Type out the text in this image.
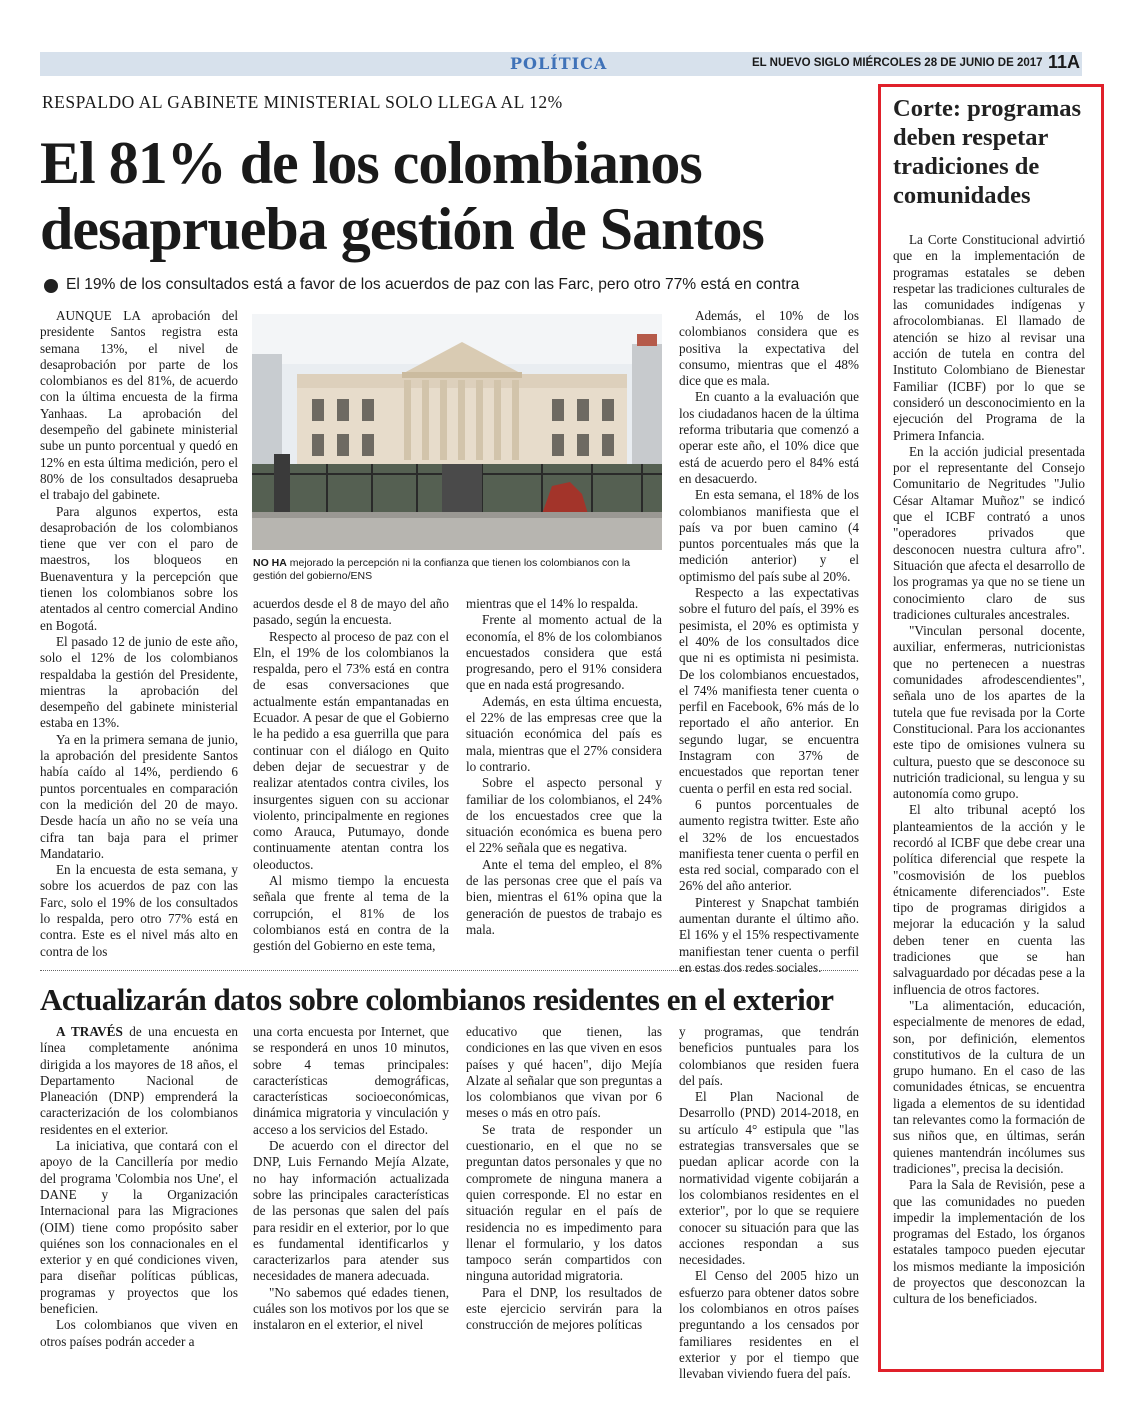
POLÍTICA	EL NUEVO SIGLO MIÉRCOLES 28 DE JUNIO DE 2017 11A
RESPALDO AL GABINETE MINISTERIAL SOLO LLEGA AL 12%
El 81% de los colombianos
desaprueba gestión de Santos
El 19% de los consultados está a favor de los acuerdos de paz con las Farc, pero otro 77% está en contra

AUNQUE LA aprobación del presidente Santos registra esta semana 13%, el nivel de desaprobación por parte de los colombianos es del 81%, de acuerdo con la última encuesta de la firma Yanhaas. La aprobación del desempeño del gabinete ministerial sube un punto porcentual y quedó en 12% en esta última medición, pero el 80% de los consultados desaprueba el trabajo del gabinete.

Para algunos expertos, esta desaprobación de los colombianos tiene que ver con el paro de maestros, los bloqueos en Buenaventura y la percepción que tienen los colombianos sobre los atentados al centro comercial Andino en Bogotá.

El pasado 12 de junio de este año, solo el 12% de los colombianos respaldaba la gestión del Presidente, mientras la aprobación del desempeño del gabinete ministerial estaba en 13%.

Ya en la primera semana de junio, la aprobación del presidente Santos había caído al 14%, perdiendo 6 puntos porcentuales en comparación con la medición del 20 de mayo. Desde hacía un año no se veía una cifra tan baja para el primer Mandatario.

En la encuesta de esta semana, y sobre los acuerdos de paz con las Farc, solo el 19% de los consultados lo respalda, pero otro 77% está en contra. Este es el nivel más alto en contra de los

NO HA mejorado la percepción ni la confianza que tienen los colombianos con la gestión del gobierno/ENS

acuerdos desde el 8 de mayo del año pasado, según la encuesta.

Respecto al proceso de paz con el Eln, el 19% de los colombianos la respalda, pero el 73% está en contra de esas conversaciones que actualmente están empantanadas en Ecuador. A pesar de que el Gobierno le ha pedido a esa guerrilla que para continuar con el diálogo en Quito deben dejar de secuestrar y de realizar atentados contra civiles, los insurgentes siguen con su accionar violento, principalmente en regiones como Arauca, Putumayo, donde continuamente atentan contra los oleoductos.

Al mismo tiempo la encuesta señala que frente al tema de la corrupción, el 81% de los colombianos está en contra de la gestión del Gobierno en este tema,

mientras que el 14% lo respalda.

Frente al momento actual de la economía, el 8% de los colombianos encuestados considera que está progresando, pero el 91% considera que en nada está progresando.

Además, en esta última encuesta, el 22% de las empresas cree que la situación económica del país es mala, mientras que el 27% considera lo contrario.

Sobre el aspecto personal y familiar de los colombianos, el 24% de los encuestados cree que la situación económica es buena pero el 22% señala que es negativa.

Ante el tema del empleo, el 8% de las personas cree que el país va bien, mientras el 61% opina que la generación de puestos de trabajo es mala.

Además, el 10% de los colombianos considera que es positiva la expectativa del consumo, mientras que el 48% dice que es mala.

En cuanto a la evaluación que los ciudadanos hacen de la última reforma tributaria que comenzó a operar este año, el 10% dice que está de acuerdo pero el 84% está en desacuerdo.

En esta semana, el 18% de los colombianos manifiesta que el país va por buen camino (4 puntos porcentuales más que la medición anterior) y el optimismo del país sube al 20%.

Respecto a las expectativas sobre el futuro del país, el 39% es pesimista, el 20% es optimista y el 40% de los consultados dice que ni es optimista ni pesimista. De los colombianos encuestados, el 74% manifiesta tener cuenta o perfil en Facebook, 6% más de lo reportado el año anterior. En segundo lugar, se encuentra Instagram con 37% de encuestados que reportan tener cuenta o perfil en esta red social.

6 puntos porcentuales de aumento registra twitter. Este año el 32% de los encuestados manifiesta tener cuenta o perfil en esta red social, comparado con el 26% del año anterior.

Pinterest y Snapchat también aumentan durante el último año. El 16% y el 15% respectivamente manifiestan tener cuenta o perfil en estas dos redes sociales.

Actualizarán datos sobre colombianos residentes en el exterior

A TRAVÉS de una encuesta en línea completamente anónima dirigida a los mayores de 18 años, el Departamento Nacional de Planeación (DNP) emprenderá la caracterización de los colombianos residentes en el exterior.

La iniciativa, que contará con el apoyo de la Cancillería por medio del programa 'Colombia nos Une', el DANE y la Organización Internacional para las Migraciones (OIM) tiene como propósito saber quiénes son los connacionales en el exterior y en qué condiciones viven, para diseñar políticas públicas, programas y proyectos que los beneficien.

Los colombianos que viven en otros países podrán acceder a

una corta encuesta por Internet, que se responderá en unos 10 minutos, sobre 4 temas principales: características demográficas, características socioeconómicas, dinámica migratoria y vinculación y acceso a los servicios del Estado.

De acuerdo con el director del DNP, Luis Fernando Mejía Alzate, no hay información actualizada sobre las principales características de las personas que salen del país para residir en el exterior, por lo que es fundamental identificarlos y caracterizarlos para atender sus necesidades de manera adecuada.

"No sabemos qué edades tienen, cuáles son los motivos por los que se instalaron en el exterior, el nivel

educativo que tienen, las condiciones en las que viven en esos países y qué hacen", dijo Mejía Alzate al señalar que son preguntas a los colombianos que vivan por 6 meses o más en otro país.

Se trata de responder un cuestionario, en el que no se preguntan datos personales y que no compromete de ninguna manera a quien corresponde. El no estar en situación regular en el país de residencia no es impedimento para llenar el formulario, y los datos tampoco serán compartidos con ninguna autoridad migratoria.

Para el DNP, los resultados de este ejercicio servirán para la construcción de mejores políticas

y programas, que tendrán beneficios puntuales para los colombianos que residen fuera del país.

El Plan Nacional de Desarrollo (PND) 2014-2018, en su artículo 4° estipula que "las estrategias transversales que se puedan aplicar acorde con la normatividad vigente cobijarán a los colombianos residentes en el exterior", por lo que se requiere conocer su situación para que las acciones respondan a sus necesidades.

El Censo del 2005 hizo un esfuerzo para obtener datos sobre los colombianos en otros países preguntando a los censados por familiares residentes en el exterior y por el tiempo que llevaban viviendo fuera del país.

Corte: programas deben respetar tradiciones de comunidades

La Corte Constitucional advirtió que en la implementación de programas estatales se deben respetar las tradiciones culturales de las comunidades indígenas y afrocolombianas. El llamado de atención se hizo al revisar una acción de tutela en contra del Instituto Colombiano de Bienestar Familiar (ICBF) por lo que se consideró un desconocimiento en la ejecución del Programa de la Primera Infancia.

En la acción judicial presentada por el representante del Consejo Comunitario de Negritudes "Julio César Altamar Muñoz" se indicó que el ICBF contrató a unos "operadores privados que desconocen nuestra cultura afro". Situación que afecta el desarrollo de los programas ya que no se tiene un conocimiento claro de sus tradiciones culturales ancestrales.

"Vinculan personal docente, auxiliar, enfermeras, nutricionistas que no pertenecen a nuestras comunidades afrodescendientes", señala uno de los apartes de la tutela que fue revisada por la Corte Constitucional. Para los accionantes este tipo de omisiones vulnera su cultura, puesto que se desconoce su nutrición tradicional, su lengua y su autonomía como grupo.

El alto tribunal aceptó los planteamientos de la acción y le recordó al ICBF que debe crear una política diferencial que respete la "cosmovisión de los pueblos étnicamente diferenciados". Este tipo de programas dirigidos a mejorar la educación y la salud deben tener en cuenta las tradiciones que se han salvaguardado por décadas pese a la influencia de otros factores.

"La alimentación, educación, especialmente de menores de edad, son, por definición, elementos constitutivos de la cultura de un grupo humano. En el caso de las comunidades étnicas, se encuentra ligada a elementos de su identidad tan relevantes como la formación de sus niños que, en últimas, serán quienes mantendrán incólumes sus tradiciones", precisa la decisión.

Para la Sala de Revisión, pese a que las comunidades no pueden impedir la implementación de los programas del Estado, los órganos estatales tampoco pueden ejecutar los mismos mediante la imposición de proyectos que desconozcan la cultura de los beneficiados.
